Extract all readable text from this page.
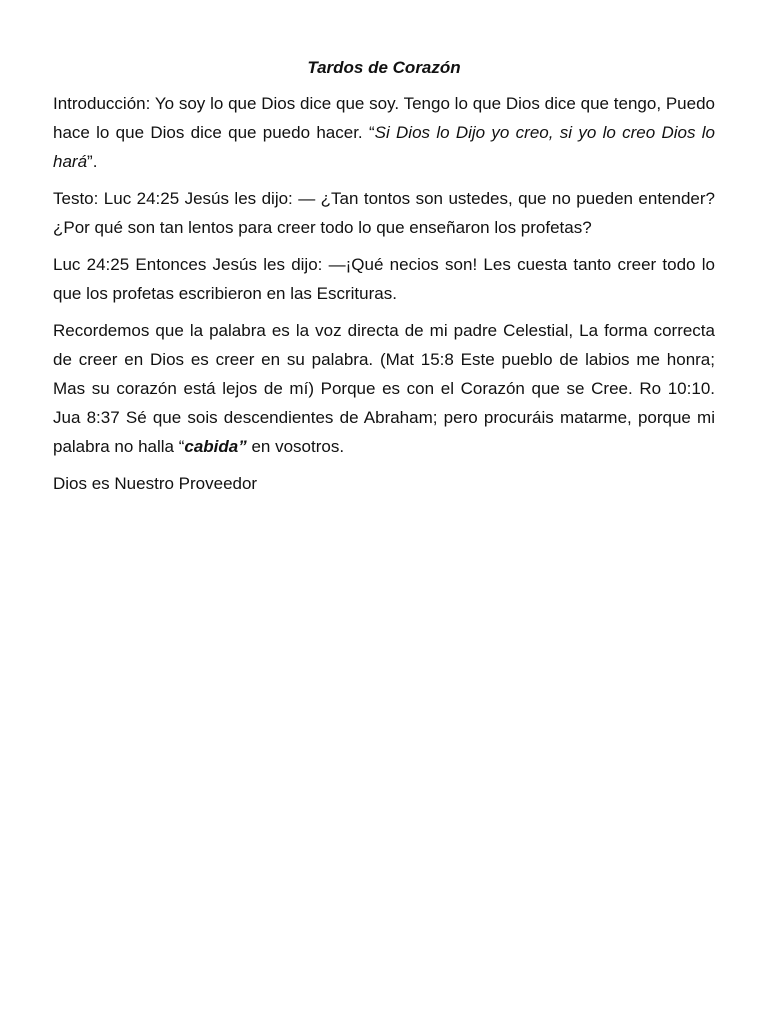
Tardos de Corazón

Introducción: Yo soy lo que Dios dice que soy. Tengo lo que Dios dice que tengo, Puedo hace lo que Dios dice que puedo hacer. “Si Dios lo Dijo yo creo, si yo lo creo Dios lo hará”.

Testo: Luc 24:25 Jesús les dijo: — ¿Tan tontos son ustedes, que no pueden entender? ¿Por qué son tan lentos para creer todo lo que enseñaron los profetas?

Luc 24:25 Entonces Jesús les dijo: —¡Qué necios son! Les cuesta tanto creer todo lo que los profetas escribieron en las Escrituras.

Recordemos que la palabra es la voz directa de mi padre Celestial, La forma correcta de creer en Dios es creer en su palabra. (Mat 15:8 Este pueblo de labios me honra; Mas su corazón está lejos de mí) Porque es con el Corazón que se Cree. Ro 10:10. Jua 8:37 Sé que sois descendientes de Abraham; pero procuráis matarme, porque mi palabra no halla “cabida” en vosotros.

Dios es Nuestro Proveedor
